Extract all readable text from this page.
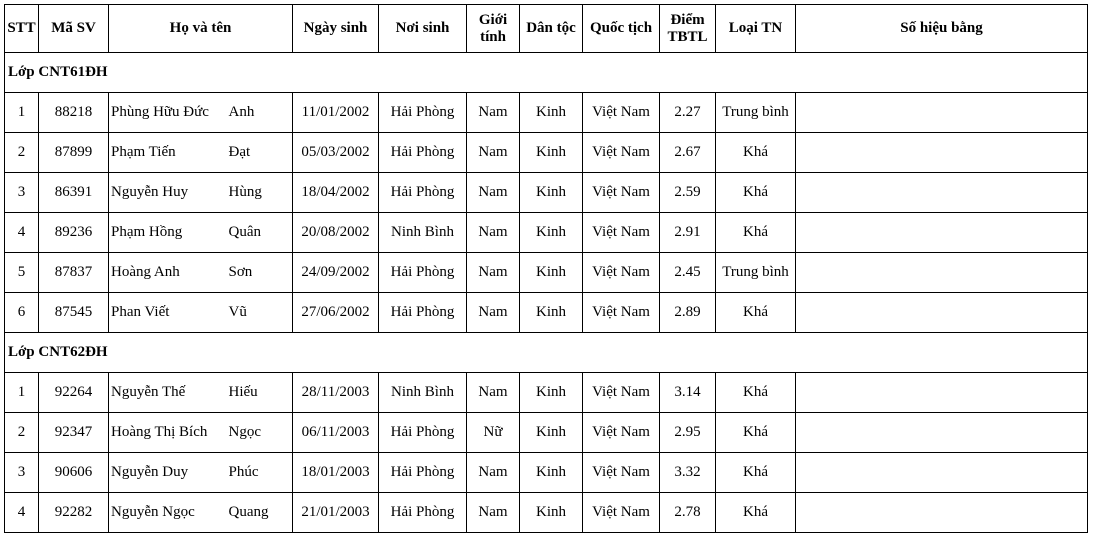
STT	Mã SV	Họ và tên		Ngày sinh	Nơi sinh	Giới tính	Dân tộc	Quốc tịch	Điểm TBTL	Loại TN	Số hiệu bằng
Lớp CNT61ĐH											
1	88218	Phùng Hữu Đức	Anh	11/01/2002	Hải Phòng	Nam	Kinh	Việt Nam	2.27	Trung bình	
2	87899	Phạm Tiến	Đạt	05/03/2002	Hải Phòng	Nam	Kinh	Việt Nam	2.67	Khá	
3	86391	Nguyễn Huy	Hùng	18/04/2002	Hải Phòng	Nam	Kinh	Việt Nam	2.59	Khá	
4	89236	Phạm Hồng	Quân	20/08/2002	Ninh Bình	Nam	Kinh	Việt Nam	2.91	Khá	
5	87837	Hoàng Anh	Sơn	24/09/2002	Hải Phòng	Nam	Kinh	Việt Nam	2.45	Trung bình	
6	87545	Phan Viết	Vũ	27/06/2002	Hải Phòng	Nam	Kinh	Việt Nam	2.89	Khá	
Lớp CNT62ĐH											
1	92264	Nguyễn Thế	Hiếu	28/11/2003	Ninh Bình	Nam	Kinh	Việt Nam	3.14	Khá	
2	92347	Hoàng Thị Bích	Ngọc	06/11/2003	Hải Phòng	Nữ	Kinh	Việt Nam	2.95	Khá	
3	90606	Nguyễn Duy	Phúc	18/01/2003	Hải Phòng	Nam	Kinh	Việt Nam	3.32	Khá	
4	92282	Nguyễn Ngọc	Quang	21/01/2003	Hải Phòng	Nam	Kinh	Việt Nam	2.78	Khá	
